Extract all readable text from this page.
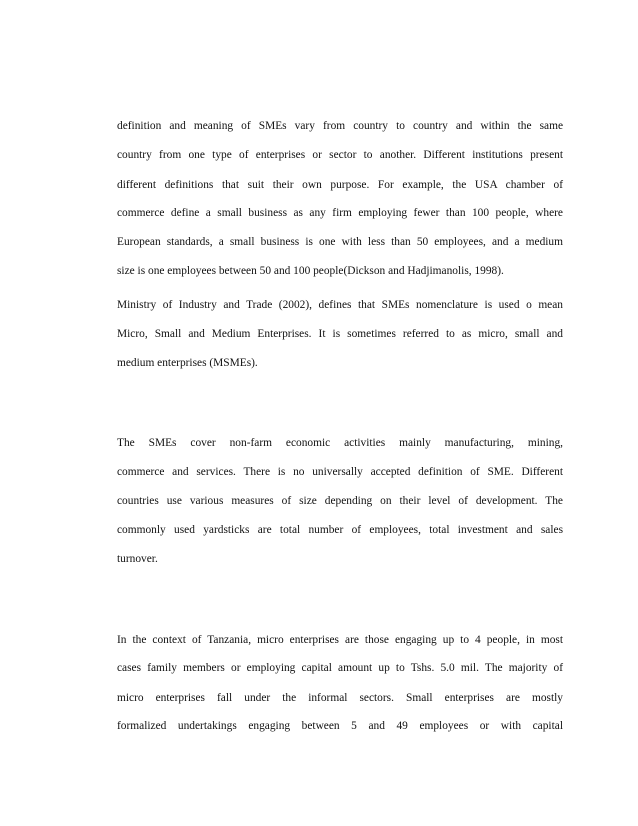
definition and meaning of SMEs vary from country to country and within the same
country from one type of enterprises or sector to another. Different institutions present
different definitions that suit their own purpose. For example, the USA chamber of
commerce define a small business as any firm employing fewer than 100 people, where
European standards, a small business is one with less than 50 employees, and a medium
size is one employees between 50 and 100 people(Dickson and Hadjimanolis, 1998).
Ministry of Industry and Trade (2002), defines that SMEs nomenclature is used o mean
Micro, Small and Medium Enterprises. It is sometimes referred to as micro, small and
medium enterprises (MSMEs).
The SMEs cover non-farm economic activities mainly manufacturing, mining,
commerce and services. There is no universally accepted definition of SME. Different
countries use various measures of size depending on their level of development. The
commonly used yardsticks are total number of employees, total investment and sales
turnover.
In the context of Tanzania, micro enterprises are those engaging up to 4 people, in most
cases family members or employing capital amount up to Tshs. 5.0 mil. The majority of
micro enterprises fall under the informal sectors. Small enterprises are mostly
formalized undertakings engaging between 5 and 49 employees or with capital
